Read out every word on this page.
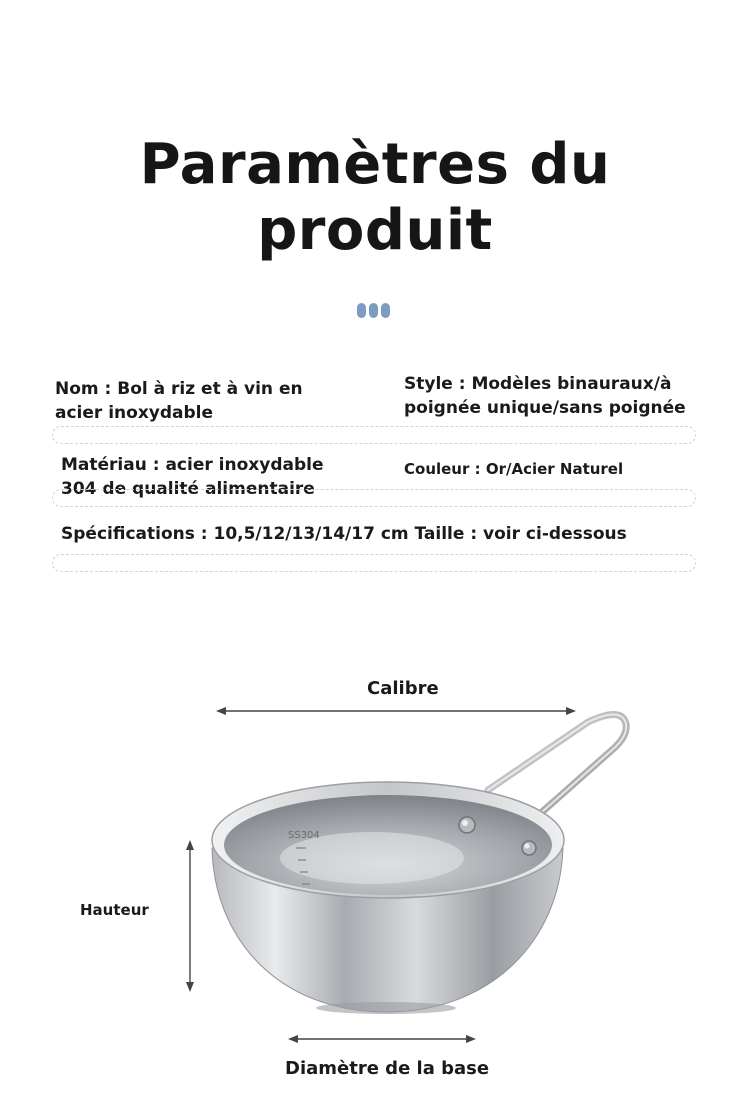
Paramètres du
produit
Nom : Bol à riz et à vin en
acier inoxydable
Style : Modèles binauraux/à
poignée unique/sans poignée
Matériau : acier inoxydable
304 de qualité alimentaire
Couleur : Or/Acier Naturel
Spécifications : 10,5/12/13/14/17 cm Taille : voir ci-dessous
Calibre
Hauteur
Diamètre de la base
SS304
